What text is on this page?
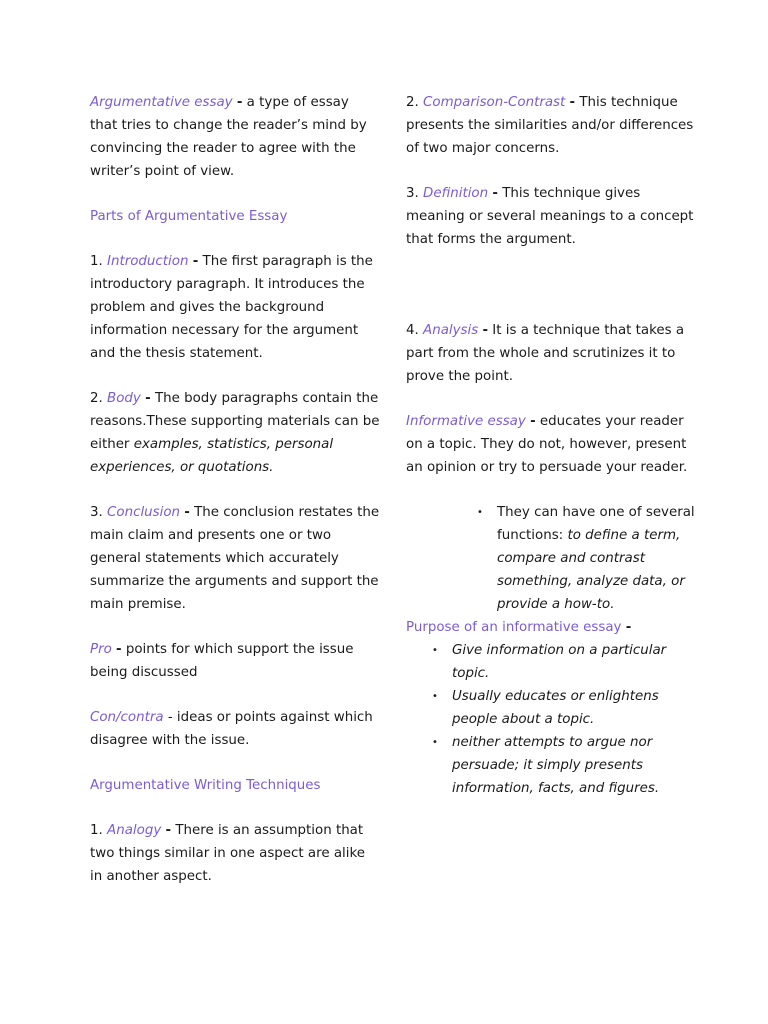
Argumentative essay - a type of essay that tries to change the reader’s mind by convincing the reader to agree with the writer’s point of view.

Parts of Argumentative Essay

1. Introduction - The first paragraph is the introductory paragraph. It introduces the problem and gives the background information necessary for the argument and the thesis statement.

2. Body - The body paragraphs contain the reasons.These supporting materials can be either examples, statistics, personal experiences, or quotations.

3. Conclusion - The conclusion restates the main claim and presents one or two general statements which accurately summarize the arguments and support the main premise.

Pro - points for which support the issue being discussed

Con/contra - ideas or points against which disagree with the issue.

Argumentative Writing Techniques

1. Analogy - There is an assumption that two things similar in one aspect are alike in another aspect.

2. Comparison-Contrast - This technique presents the similarities and/or differences of two major concerns.

3. Definition - This technique gives meaning or several meanings to a concept that forms the argument.

4. Analysis - It is a technique that takes a part from the whole and scrutinizes it to prove the point.

Informative essay - educates your reader on a topic. They do not, however, present an opinion or try to persuade your reader.

• They can have one of several functions: to define a term, compare and contrast something, analyze data, or provide a how-to.

Purpose of an informative essay -

• Give information on a particular topic.
• Usually educates or enlightens people about a topic.
• neither attempts to argue nor persuade; it simply presents information, facts, and figures.
